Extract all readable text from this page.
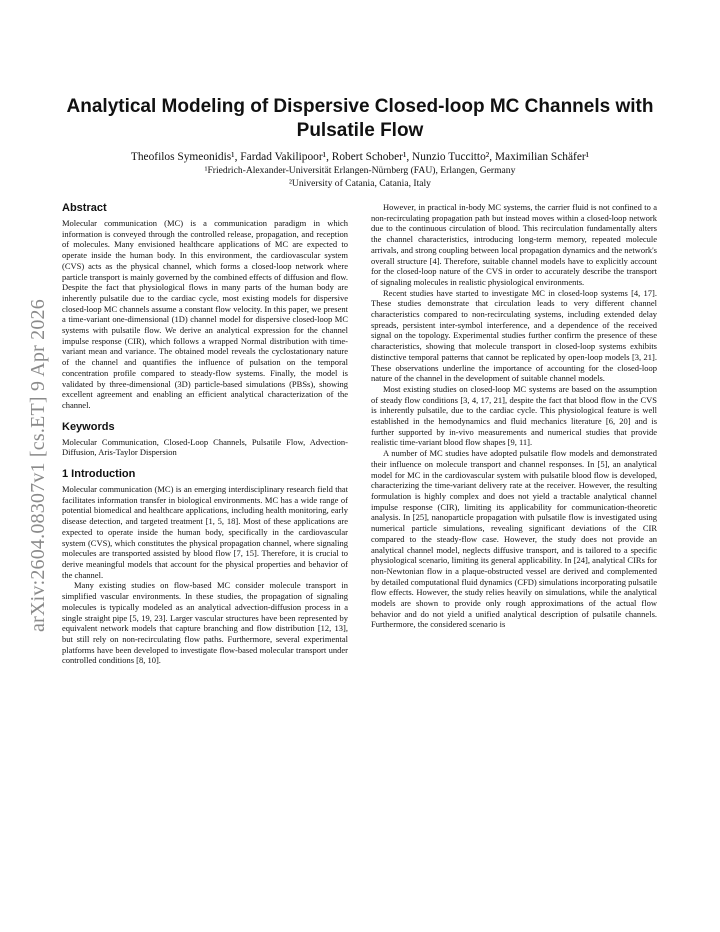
arXiv:2604.08307v1 [cs.ET] 9 Apr 2026
Analytical Modeling of Dispersive Closed-loop MC Channels with Pulsatile Flow
Theofilos Symeonidis¹, Fardad Vakilipoor¹, Robert Schober¹, Nunzio Tuccitto², Maximilian Schäfer¹
¹Friedrich-Alexander-Universität Erlangen-Nürnberg (FAU), Erlangen, Germany
²University of Catania, Catania, Italy
Abstract

Molecular communication (MC) is a communication paradigm in which information is conveyed through the controlled release, propagation, and reception of molecules. Many envisioned healthcare applications of MC are expected to operate inside the human body. In this environment, the cardiovascular system (CVS) acts as the physical channel, which forms a closed-loop network where particle transport is mainly governed by the combined effects of diffusion and flow. Despite the fact that physiological flows in many parts of the human body are inherently pulsatile due to the cardiac cycle, most existing models for dispersive closed-loop MC channels assume a constant flow velocity. In this paper, we present a time-variant one-dimensional (1D) channel model for dispersive closed-loop MC systems with pulsatile flow. We derive an analytical expression for the channel impulse response (CIR), which follows a wrapped Normal distribution with time-variant mean and variance. The obtained model reveals the cyclostationary nature of the channel and quantifies the influence of pulsation on the temporal concentration profile compared to steady-flow systems. Finally, the model is validated by three-dimensional (3D) particle-based simulations (PBSs), showing excellent agreement and enabling an efficient analytical characterization of the channel.

Keywords

Molecular Communication, Closed-Loop Channels, Pulsatile Flow, Advection-Diffusion, Aris-Taylor Dispersion

1 Introduction

Molecular communication (MC) is an emerging interdisciplinary research field that facilitates information transfer in biological environments. MC has a wide range of potential biomedical and healthcare applications, including health monitoring, early disease detection, and targeted treatment [1, 5, 18]. Most of these applications are expected to operate inside the human body, specifically in the cardiovascular system (CVS), which constitutes the physical propagation channel, where signaling molecules are transported assisted by blood flow [7, 15]. Therefore, it is crucial to derive meaningful models that account for the physical properties and behavior of the channel.

Many existing studies on flow-based MC consider molecule transport in simplified vascular environments. In these studies, the propagation of signaling molecules is typically modeled as an analytical advection-diffusion process in a single straight pipe [5, 19, 23]. Larger vascular structures have been represented by equivalent network models that capture branching and flow distribution [12, 13], but still rely on non-recirculating flow paths. Furthermore, several experimental platforms have been developed to investigate flow-based molecular transport under controlled conditions [8, 10].

However, in practical in-body MC systems, the carrier fluid is not confined to a non-recirculating propagation path but instead moves within a closed-loop network due to the continuous circulation of blood. This recirculation fundamentally alters the channel characteristics, introducing long-term memory, repeated molecule arrivals, and strong coupling between local propagation dynamics and the network's overall structure [4]. Therefore, suitable channel models have to explicitly account for the closed-loop nature of the CVS in order to accurately describe the transport of signaling molecules in realistic physiological environments.

Recent studies have started to investigate MC in closed-loop systems [4, 17]. These studies demonstrate that circulation leads to very different channel characteristics compared to non-recirculating systems, including extended delay spreads, persistent inter-symbol interference, and a dependence of the received signal on the topology. Experimental studies further confirm the presence of these characteristics, showing that molecule transport in closed-loop systems exhibits distinctive temporal patterns that cannot be replicated by open-loop models [3, 21]. These observations underline the importance of accounting for the closed-loop nature of the channel in the development of suitable channel models.

Most existing studies on closed-loop MC systems are based on the assumption of steady flow conditions [3, 4, 17, 21], despite the fact that blood flow in the CVS is inherently pulsatile, due to the cardiac cycle. This physiological feature is well established in the hemodynamics and fluid mechanics literature [6, 20] and is further supported by in-vivo measurements and numerical studies that provide realistic time-variant blood flow shapes [9, 11].

A number of MC studies have adopted pulsatile flow models and demonstrated their influence on molecule transport and channel responses. In [5], an analytical model for MC in the cardiovascular system with pulsatile blood flow is developed, characterizing the time-variant delivery rate at the receiver. However, the resulting formulation is highly complex and does not yield a tractable analytical channel impulse response (CIR), limiting its applicability for communication-theoretic analysis. In [25], nanoparticle propagation with pulsatile flow is investigated using numerical particle simulations, revealing significant deviations of the CIR compared to the steady-flow case. However, the study does not provide an analytical channel model, neglects diffusive transport, and is tailored to a specific physiological scenario, limiting its general applicability. In [24], analytical CIRs for non-Newtonian flow in a plaque-obstructed vessel are derived and complemented by detailed computational fluid dynamics (CFD) simulations incorporating pulsatile flow effects. However, the study relies heavily on simulations, while the analytical models are shown to provide only rough approximations of the actual flow behavior and do not yield a unified analytical description of pulsatile channels. Furthermore, the considered scenario is
